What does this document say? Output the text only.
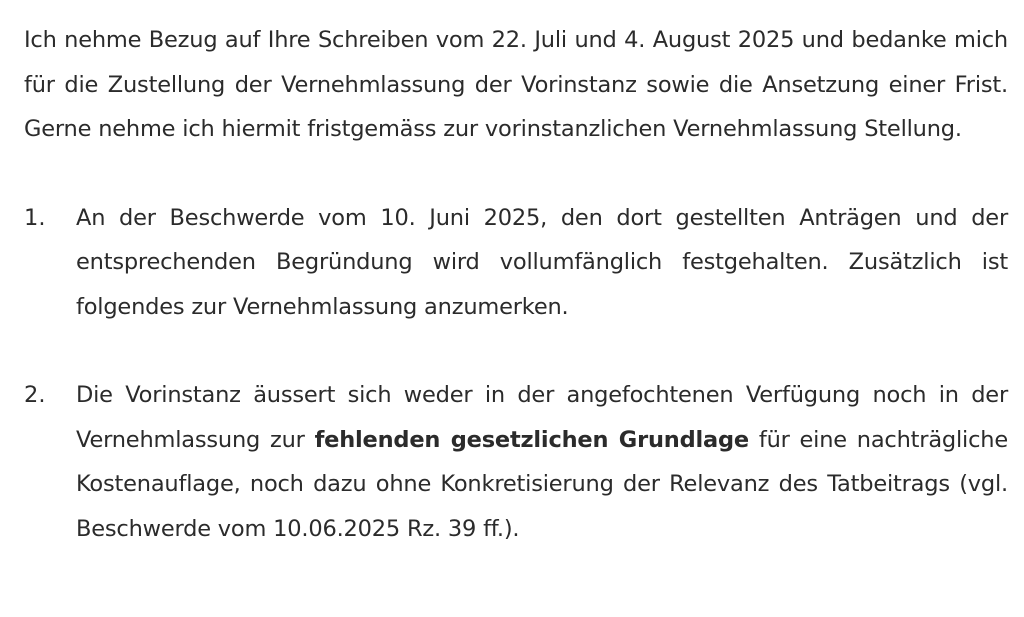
Ich nehme Bezug auf Ihre Schreiben vom 22. Juli und 4. August 2025 und bedanke mich für die Zustellung der Vernehmlassung der Vorinstanz sowie die Ansetzung einer Frist. Gerne nehme ich hiermit fristgemäss zur vorinstanzlichen Vernehmlassung Stellung.

1.	An der Beschwerde vom 10. Juni 2025, den dort gestellten Anträgen und der entsprechenden Begründung wird vollumfänglich festgehalten. Zusätzlich ist folgendes zur Vernehmlassung anzumerken.

2.	Die Vorinstanz äussert sich weder in der angefochtenen Verfügung noch in der Vernehmlassung zur fehlenden gesetzlichen Grundlage für eine nachträgliche Kostenauflage, noch dazu ohne Konkretisierung der Relevanz des Tatbeitrags (vgl. Beschwerde vom 10.06.2025 Rz. 39 ff.).
